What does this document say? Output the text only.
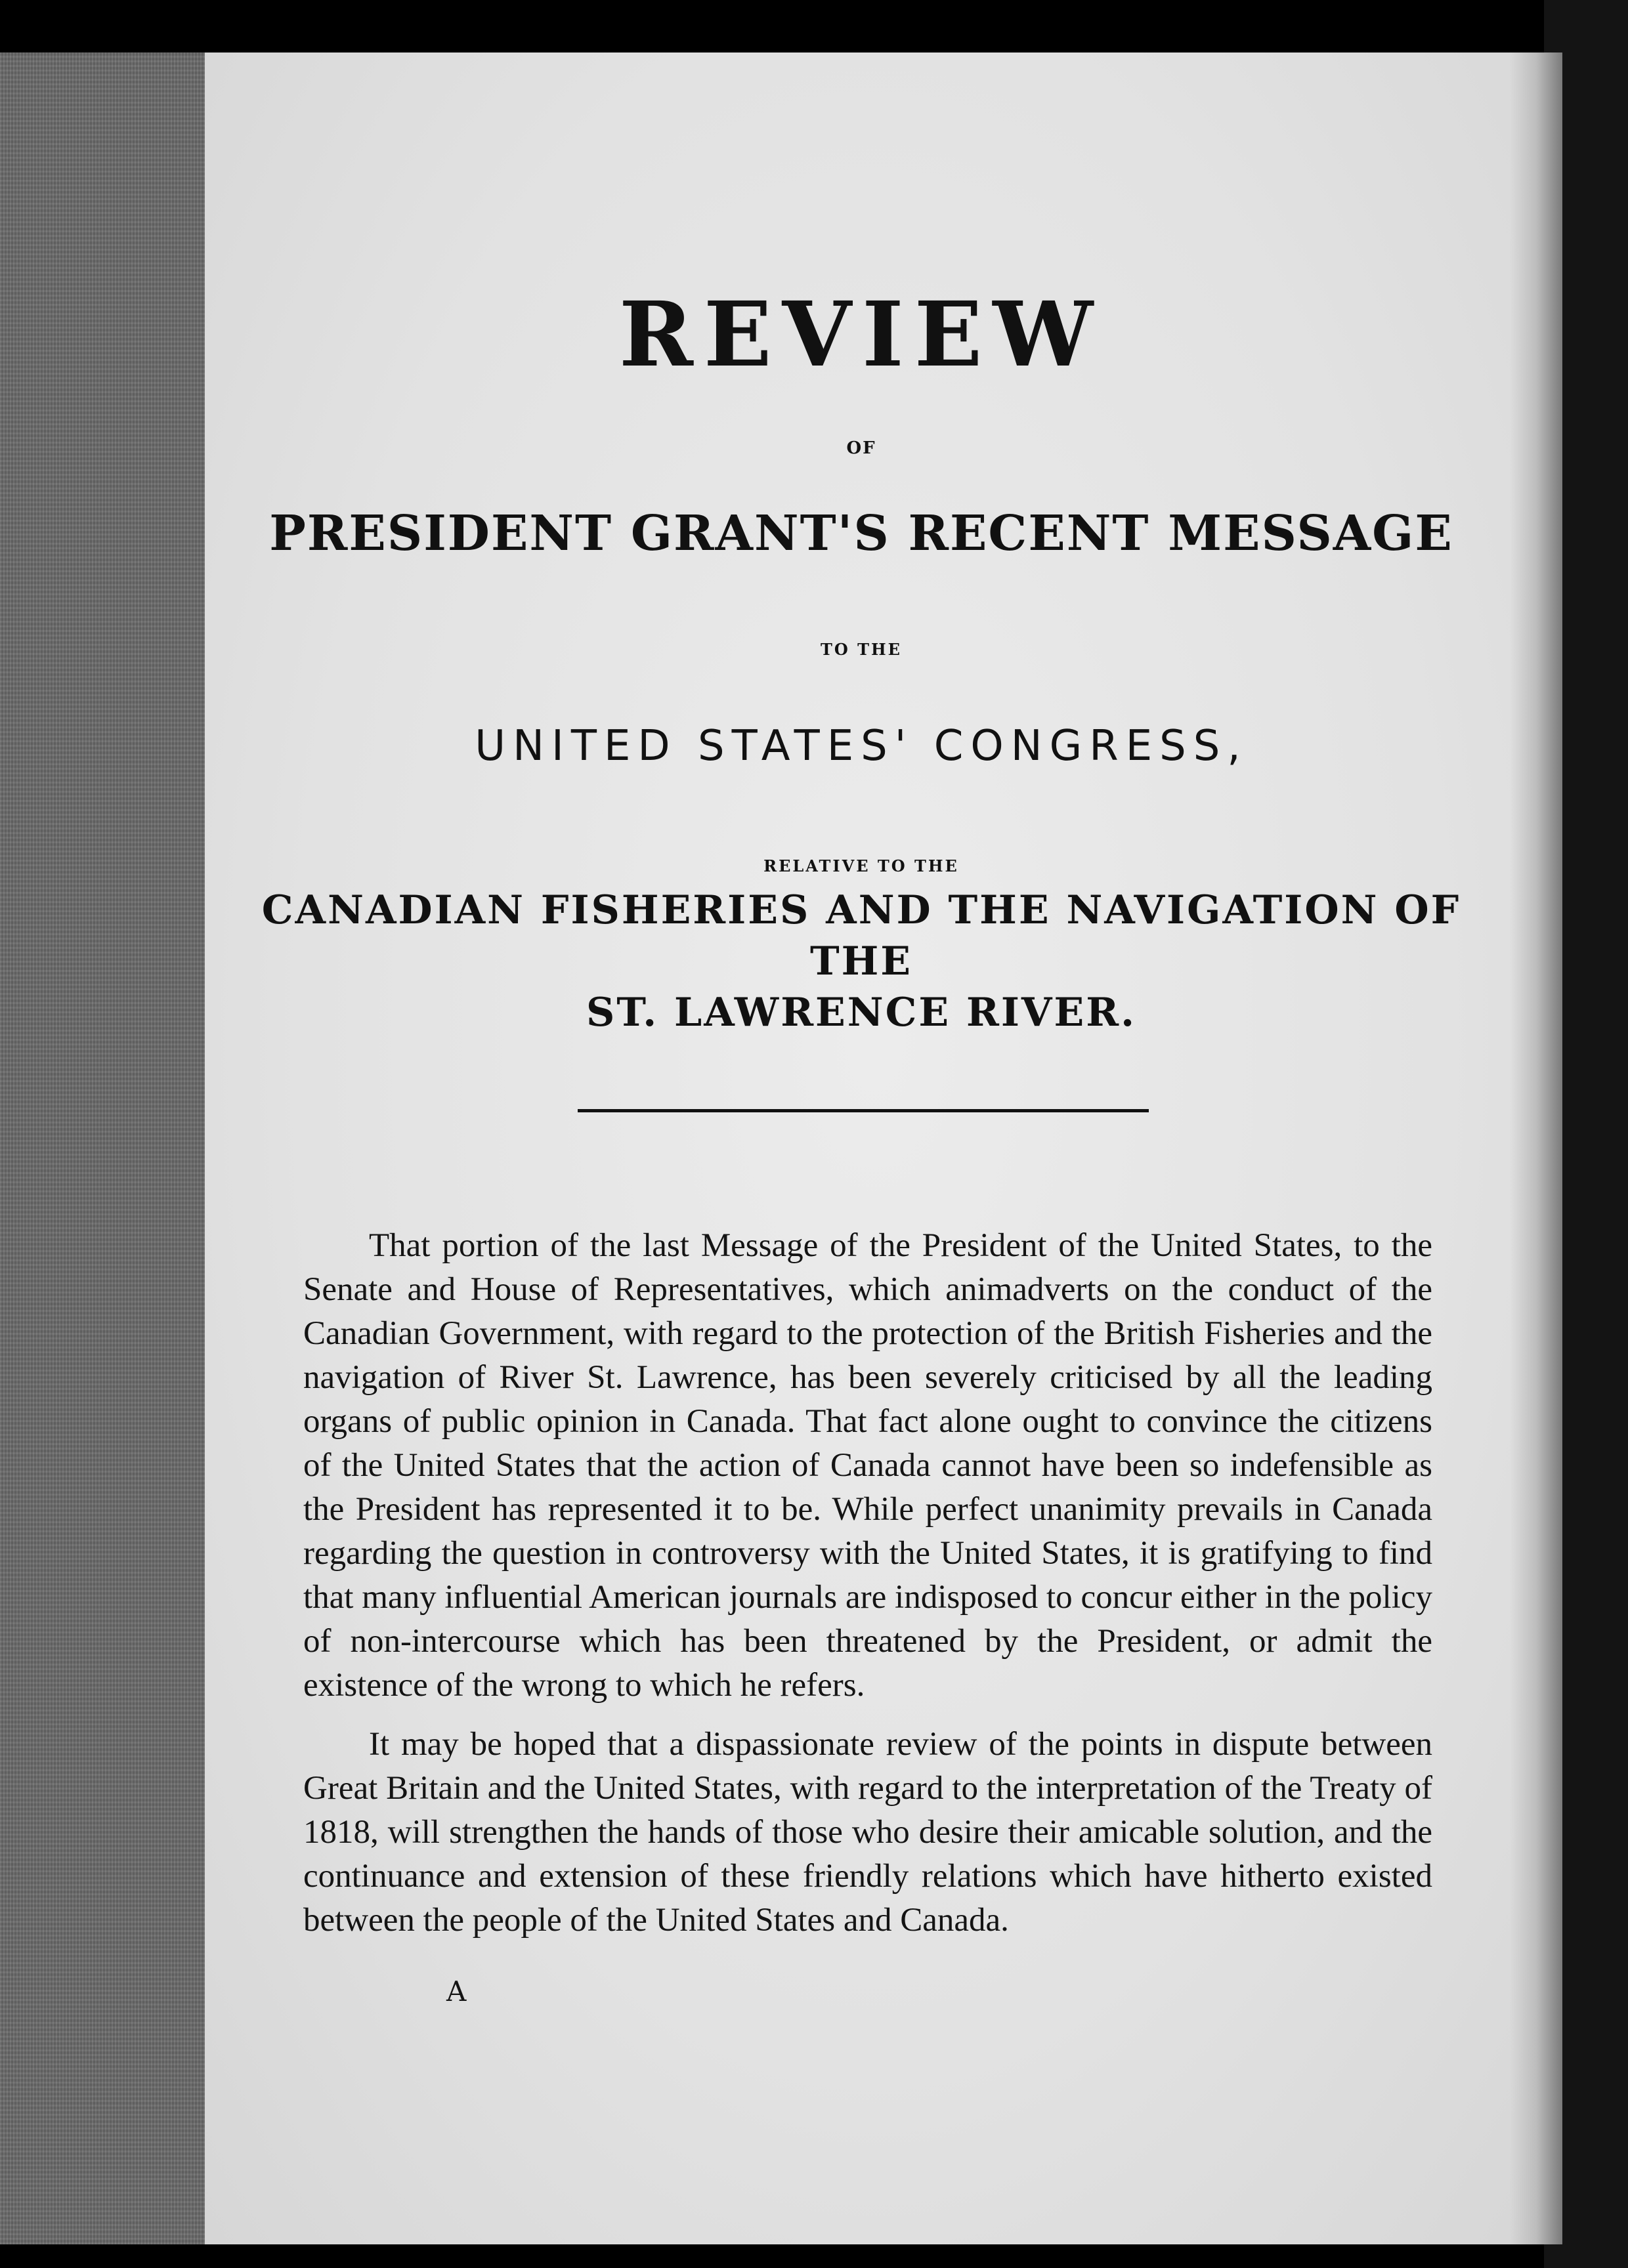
REVIEW
OF
PRESIDENT GRANT'S RECENT MESSAGE
TO THE
UNITED STATES' CONGRESS,
RELATIVE TO THE
CANADIAN FISHERIES AND THE NAVIGATION OF THE
ST. LAWRENCE RIVER.

That portion of the last Message of the President of the United States, to the Senate and House of Representatives, which animadverts on the conduct of the Canadian Government, with regard to the protection of the British Fisheries and the navigation of River St. Lawrence, has been severely criticised by all the leading organs of public opinion in Canada. That fact alone ought to convince the citizens of the United States that the action of Canada cannot have been so indefensible as the President has represented it to be. While perfect unanimity prevails in Canada regarding the question in controversy with the United States, it is gratifying to find that many influential American journals are indisposed to concur either in the policy of non-intercourse which has been threatened by the President, or admit the existence of the wrong to which he refers.

It may be hoped that a dispassionate review of the points in dispute between Great Britain and the United States, with regard to the interpretation of the Treaty of 1818, will strengthen the hands of those who desire their amicable solution, and the continuance and extension of these friendly relations which have hitherto existed between the people of the United States and Canada.

A
